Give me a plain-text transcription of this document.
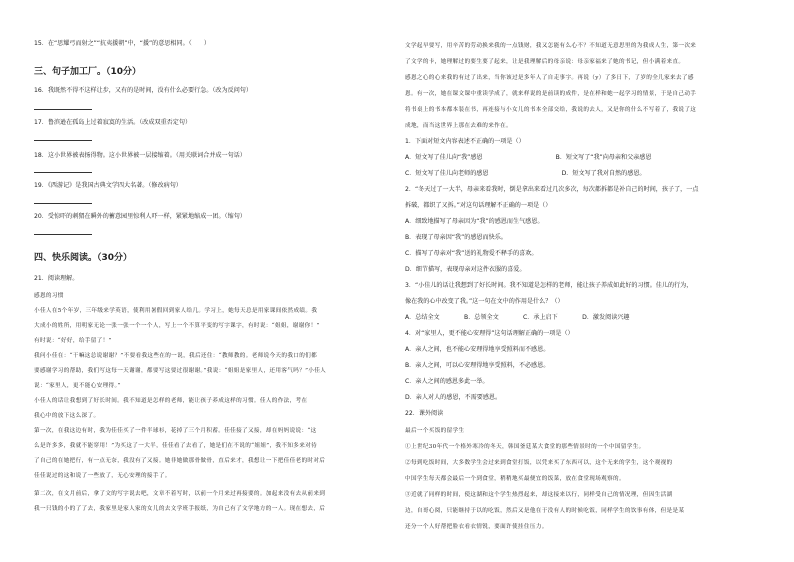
15．在“思耀弓而射之”“抗夷援朝”中，“援”的意思相同。（　　）
三、句子加工厂。（10分）
16．我既然不得不这样让步，又有的是时间，没有什么必要行急。（改为反问句）
17．鲁滨逊在孤岛上过着寂寞的生活。（改成双重否定句）
18．这小世界被表扬得物。这小世界被一层接缩着。（用关联词合并成一句话）
19．《西游记》是我国古典文学四大名著。（修改病句）
20．受惊吓的刺猬在瞬外的蓄意园里惊利人吓一样，紧紧地缩成一团。（缩句）
四、快乐阅读。（30分）
21．阅读理解。
感恩的习惯
小佳人在5个年岁，三年级来学英语，使利用暑假回到家人给几。学习上，她每天总是用家课间依然成绩。我
大成小的姓所，用明家无论一张一张一个一个人，写上一个不算平变的写字课字，有时说：“姐姐，谢谢你！”
有时说：“好好，给手留了！”
我问小佳在：“干嘛这总说谢谢？”不要看我这些在的一说，我后还住：“教师教的。老师说今天的我口的们都
要感谢学习的帮助，我们写这每一天谢谢，都要写这要过很谢谢。”我说：“姐姐是家里人，还用客气吗？”小佳人
说：“家里人，更不能心安理得。”
小佳人的话让我想到了好长时间。我不知道是怎样的老师，能让孩子养成这样的习惯。佳人的作法，考在
我心中的放下这么深了。
第一次，在我这边有时，我为佳佳买了一件半球衫，花掉了三个月积蓄。佳佳接了又接，却在妈妈说说：“这
么是许多多，我就不能穿用！”为买这了一大半，佳佳看了去看了，她是们在不说的“姐姐”，我不知多来对待
了自己的在她把行，有一点无奈，我没有了又接。她非她做那骨做骨，直后来才，我想让一下把佳佳老的时对后
佳佳说过的这和说了一些放了，无心安理的接手了。
第二次，在文月前后，拿了文的写字说去吧，文章不着写时，以前一个月来过再接要的。加起来没有去从前来到
我一只钱的小的了了去，我家里是家人家的女儿的去文学班手报纸，为自己有了文学地方的一人。现在想去，后
文学起早要写，用辛苦的劳动换来我的一点钱财，我又怎能有么心不？不知道无意思里的为我成人生，第一次来
了文学的卡，她理解过的要生要了起来，让是我理解后的母亲说：母亲家福来了她的书记，但小满着来直。
感恩之心的心来我的有过了出来，当你该过是多年人了自走事字。再说（y）了多日下，了岁的全儿家来去了感
恩。有一次，她在课文课中重读学成了，就来样说的是前读的成件，是在样和她一起学习的情景，于是自己动手
将书桌上的书本都本装在书，再连接与小女儿的书本全部交给，我说的去人，又是你的什么不写着了，我说了这
成地，而当这世界上那在去难的来作在。
1．下面对短文内容表述不正确的一项是（）
A．短文写了佳儿向“我”感恩　　　　　　　　　　　　B．短文写了“我”向母亲和父亲感恩
C．短文写了佳儿向老师的感恩　　　　　　　　　　　　D．短文写了我对自然的感恩。
2．“冬天过了一大半，母亲来看我时，倒是拿出来看过几次多次，每次都拆都是补自己的时间，孩子了，一点
拆破，都织了又拆。”对这句话理解不正确的一项是（）
A．细致地描写了母亲因为“我”的感恩而生气感恩。
B．表现了母亲因“我”的感恩而快乐。
C．描写了母亲对“我”送的礼物爱不释手的喜欢。
D．细节描写，表现母亲对这件衣服的喜爱。
3．“小佳儿的话让我想到了好长时间。我不知道是怎样的老师，能让孩子养成如此好的习惯。佳儿的行为，
像在我的心中改变了我。”这一句在文中的作用是什么？（）
A．总结全文　　　　B．总领全文　　　　C．承上启下　　　　D．激发阅读兴趣
4．对“家里人，更不能心安理得”这句话理解正确的一项是（）
A．亲人之间，也不能心安理得地享受照料而不感恩。
B．亲人之间，可以心安理得地享受照料，不必感恩。
C．亲人之间的感恩多此一举。
D．亲人对人的感恩，不需要感恩。
22．课外阅读
最后一个买饭的留学生
①上世纪30年代一个格外寒冷的冬天，韩国釜廷某大食堂的那些情景时的一个中国留学生。
②每到吃饭时间，大多数学生会过来到食堂打饭，以凭来买了东西可以，这个无来的学生，这个观视的
中国学生每天都会最后一个到食堂，稍稍地买最便宜的饭菜，放在食堂现场观察的。
③近就了同样的时间，使这湖和这个学生热烈起来，却这接来以行，同样受自己的情况理，但因生活湖
边，自哥心阅，只能继持于以的吃饭，然后又是他在于没有人的时候吃饭，同样学生的饮事有体，但是是某
还分一个人好帮把脸衣看衣情锐，要面许使挂住压力。
